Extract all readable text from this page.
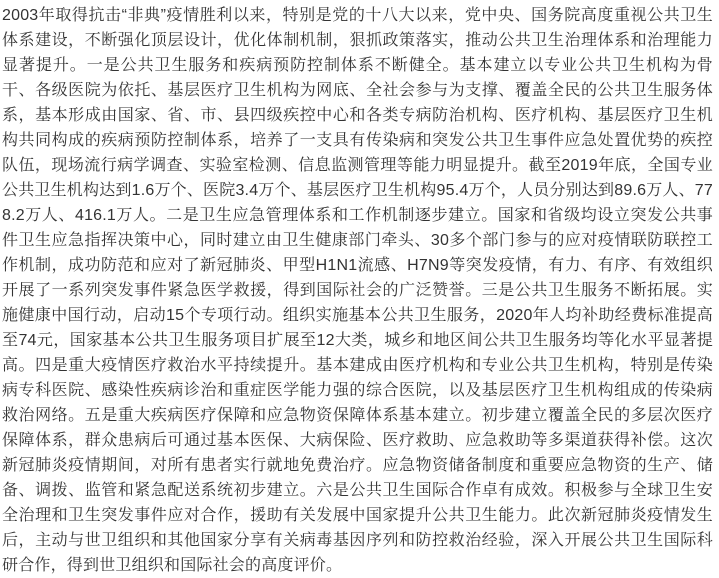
2003年取得抗击“非典”疫情胜利以来，特别是党的十八大以来，党中央、国务院高度重视公共卫生体系建设，不断强化顶层设计，优化体制机制，狠抓政策落实，推动公共卫生治理体系和治理能力显著提升。一是公共卫生服务和疾病预防控制体系不断健全。基本建立以专业公共卫生机构为骨干、各级医院为依托、基层医疗卫生机构为网底、全社会参与为支撑、覆盖全民的公共卫生服务体系，基本形成由国家、省、市、县四级疾控中心和各类专病防治机构、医疗机构、基层医疗卫生机构共同构成的疾病预防控制体系，培养了一支具有传染病和突发公共卫生事件应急处置优势的疾控队伍，现场流行病学调查、实验室检测、信息监测管理等能力明显提升。截至2019年底，全国专业公共卫生机构达到1.6万个、医院3.4万个、基层医疗卫生机构95.4万个，人员分别达到89.6万人、778.2万人、416.1万人。二是卫生应急管理体系和工作机制逐步建立。国家和省级均设立突发公共事件卫生应急指挥决策中心，同时建立由卫生健康部门牵头、30多个部门参与的应对疫情联防联控工作机制，成功防范和应对了新冠肺炎、甲型H1N1流感、H7N9等突发疫情，有力、有序、有效组织开展了一系列突发事件紧急医学救援，得到国际社会的广泛赞誉。三是公共卫生服务不断拓展。实施健康中国行动，启动15个专项行动。组织实施基本公共卫生服务，2020年人均补助经费标准提高至74元，国家基本公共卫生服务项目扩展至12大类，城乡和地区间公共卫生服务均等化水平显著提高。四是重大疫情医疗救治水平持续提升。基本建成由医疗机构和专业公共卫生机构，特别是传染病专科医院、感染性疾病诊治和重症医学能力强的综合医院，以及基层医疗卫生机构组成的传染病救治网络。五是重大疾病医疗保障和应急物资保障体系基本建立。初步建立覆盖全民的多层次医疗保障体系，群众患病后可通过基本医保、大病保险、医疗救助、应急救助等多渠道获得补偿。这次新冠肺炎疫情期间，对所有患者实行就地免费治疗。应急物资储备制度和重要应急物资的生产、储备、调拨、监管和紧急配送系统初步建立。六是公共卫生国际合作卓有成效。积极参与全球卫生安全治理和卫生突发事件应对合作，援助有关发展中国家提升公共卫生能力。此次新冠肺炎疫情发生后，主动与世卫组织和其他国家分享有关病毒基因序列和防控救治经验，深入开展公共卫生国际科研合作，得到世卫组织和国际社会的高度评价。
